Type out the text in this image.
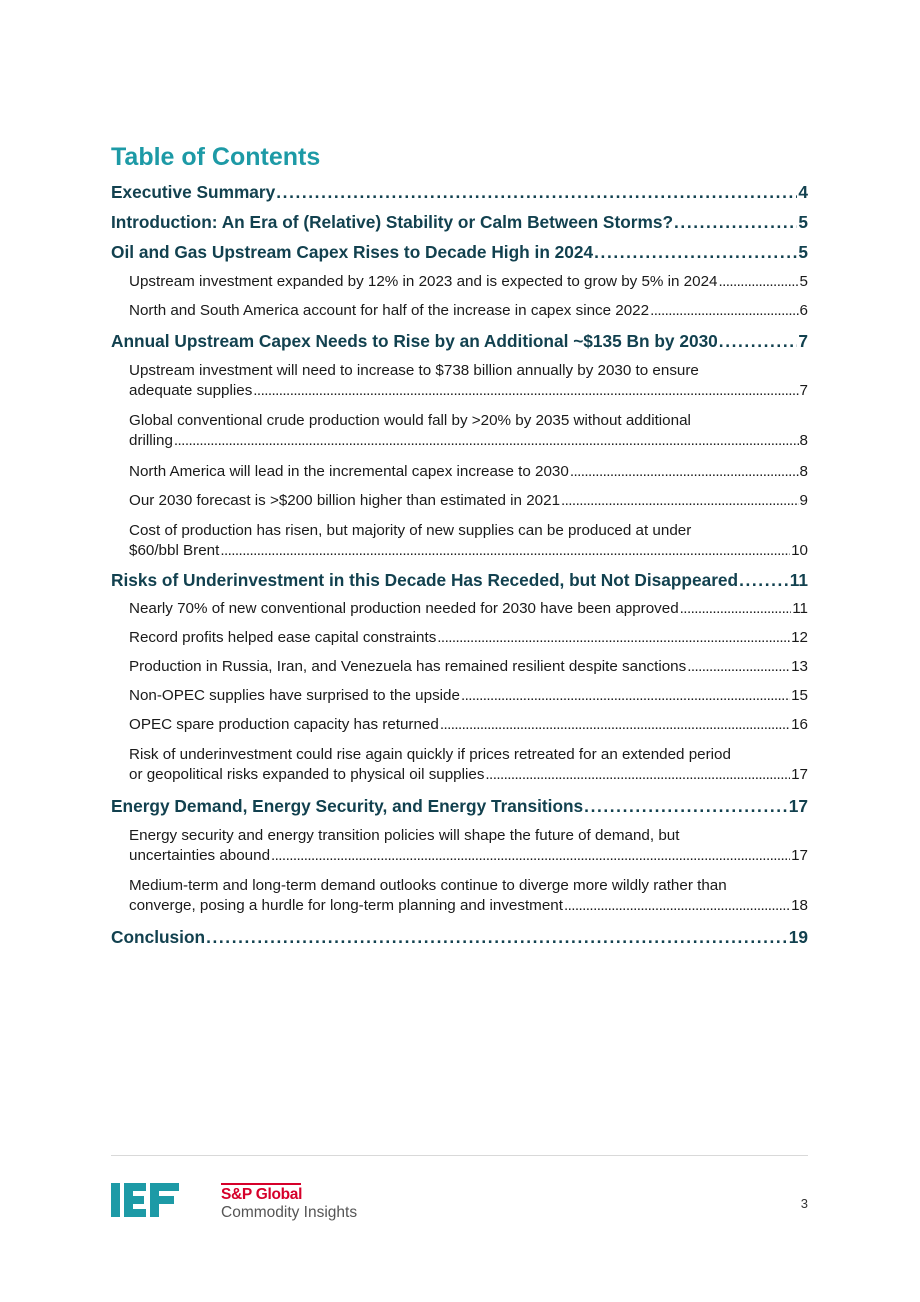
Table of Contents
Executive Summary . . .	4
Introduction: An Era of (Relative) Stability or Calm Between Storms? . . .	5
Oil and Gas Upstream Capex Rises to Decade High in 2024 . . .	5
Upstream investment expanded by 12% in 2023 and is expected to grow by 5% in 2024 . . .	5
North and South America account for half of the increase in capex since 2022 . . .	6
Annual Upstream Capex Needs to Rise by an Additional ~$135 Bn by 2030 . . .	7
Upstream investment will need to increase to $738 billion annually by 2030 to ensure
adequate supplies . . .	7
Global conventional crude production would fall by >20% by 2035 without additional
drilling . . .	8
North America will lead in the incremental capex increase to 2030 . . .	8
Our 2030 forecast is >$200 billion higher than estimated in 2021 . . .	9
Cost of production has risen, but majority of new supplies can be produced at under
$60/bbl Brent . . .	10
Risks of Underinvestment in this Decade Has Receded, but Not Disappeared . . .	11
Nearly 70% of new conventional production needed for 2030 have been approved . . .	11
Record profits helped ease capital constraints . . .	12
Production in Russia, Iran, and Venezuela has remained resilient despite sanctions . . .	13
Non-OPEC supplies have surprised to the upside . . .	15
OPEC spare production capacity has returned . . .	16
Risk of underinvestment could rise again quickly if prices retreated for an extended period
or geopolitical risks expanded to physical oil supplies . . .	17
Energy Demand, Energy Security, and Energy Transitions . . .	17
Energy security and energy transition policies will shape the future of demand, but
uncertainties abound . . .	17
Medium-term and long-term demand outlooks continue to diverge more wildly rather than
converge, posing a hurdle for long-term planning and investment . . .	18
Conclusion . . .	19
S&P Global
Commodity Insights
3
